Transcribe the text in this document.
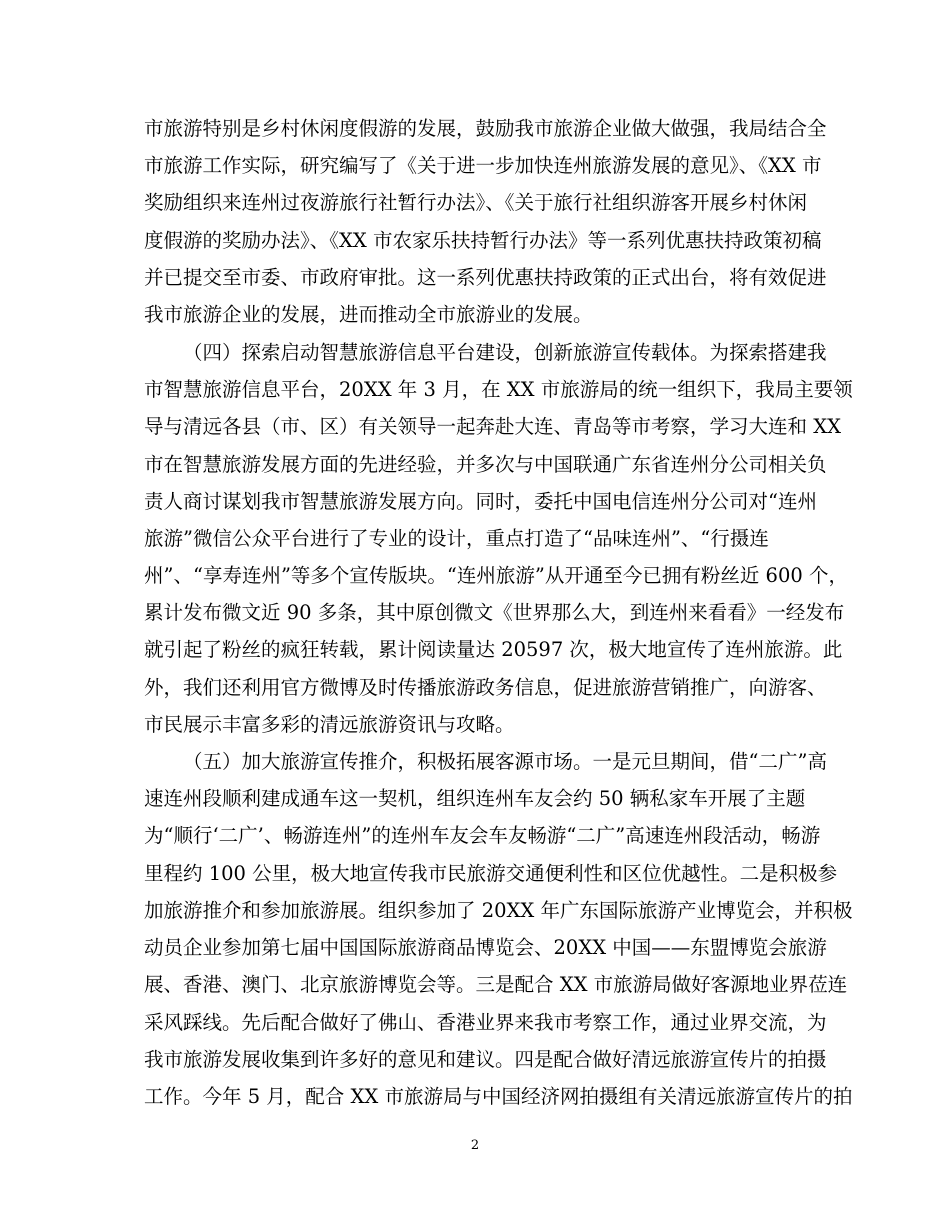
市旅游特别是乡村休闲度假游的发展，鼓励我市旅游企业做大做强，我局结合全
市旅游工作实际，研究编写了《关于进一步加快连州旅游发展的意见》、《XX 市
奖励组织来连州过夜游旅行社暂行办法》、《关于旅行社组织游客开展乡村休闲
度假游的奖励办法》、《XX 市农家乐扶持暂行办法》等一系列优惠扶持政策初稿
并已提交至市委、市政府审批。这一系列优惠扶持政策的正式出台，将有效促进
我市旅游企业的发展，进而推动全市旅游业的发展。
（四）探索启动智慧旅游信息平台建设，创新旅游宣传载体。为探索搭建我
市智慧旅游信息平台，20XX 年 3 月，在 XX 市旅游局的统一组织下，我局主要领
导与清远各县（市、区）有关领导一起奔赴大连、青岛等市考察，学习大连和 XX
市在智慧旅游发展方面的先进经验，并多次与中国联通广东省连州分公司相关负
责人商讨谋划我市智慧旅游发展方向。同时，委托中国电信连州分公司对“连州
旅游”微信公众平台进行了专业的设计，重点打造了“品味连州”、“行摄连
州”、“享寿连州”等多个宣传版块。“连州旅游”从开通至今已拥有粉丝近 600 个，
累计发布微文近 90 多条，其中原创微文《世界那么大，到连州来看看》一经发布
就引起了粉丝的疯狂转载，累计阅读量达 20597 次，极大地宣传了连州旅游。此
外，我们还利用官方微博及时传播旅游政务信息，促进旅游营销推广，向游客、
市民展示丰富多彩的清远旅游资讯与攻略。
（五）加大旅游宣传推介，积极拓展客源市场。一是元旦期间，借“二广”高
速连州段顺利建成通车这一契机，组织连州车友会约 50 辆私家车开展了主题
为“顺行‘二广’、畅游连州”的连州车友会车友畅游“二广”高速连州段活动，畅游
里程约 100 公里，极大地宣传我市民旅游交通便利性和区位优越性。二是积极参
加旅游推介和参加旅游展。组织参加了 20XX 年广东国际旅游产业博览会，并积极
动员企业参加第七届中国国际旅游商品博览会、20XX 中国——东盟博览会旅游
展、香港、澳门、北京旅游博览会等。三是配合 XX 市旅游局做好客源地业界莅连
采风踩线。先后配合做好了佛山、香港业界来我市考察工作，通过业界交流，为
我市旅游发展收集到许多好的意见和建议。四是配合做好清远旅游宣传片的拍摄
工作。今年 5 月，配合 XX 市旅游局与中国经济网拍摄组有关清远旅游宣传片的拍
2
